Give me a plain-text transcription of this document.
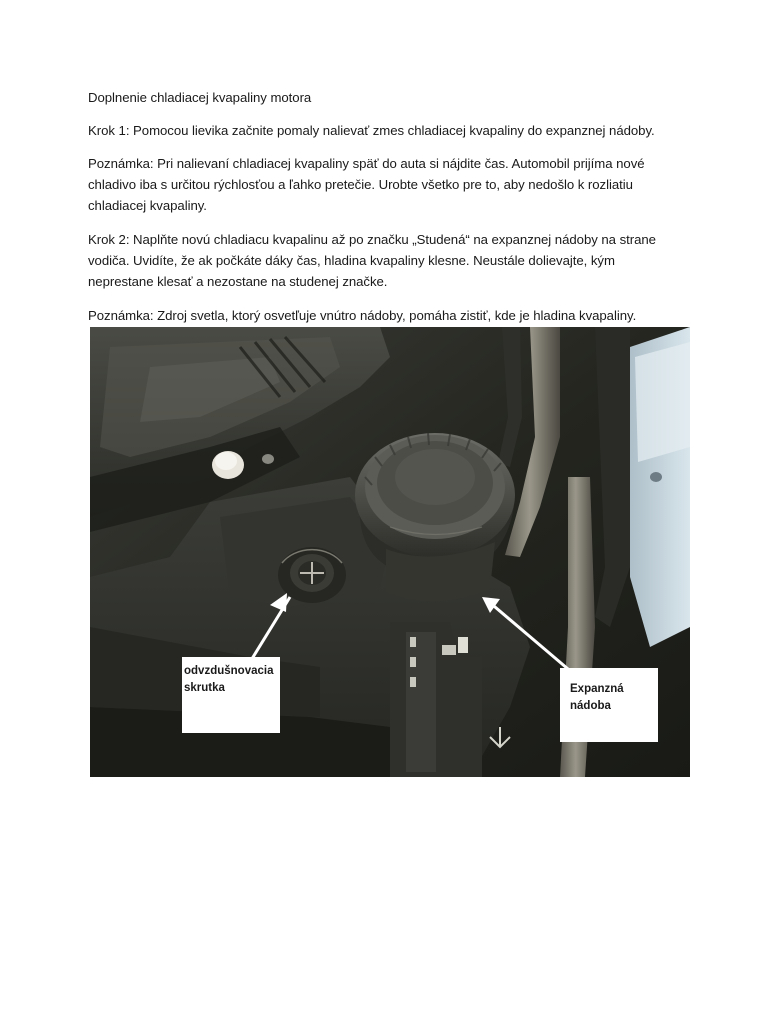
Doplnenie chladiacej kvapaliny motora
Krok 1: Pomocou lievika začnite pomaly nalievať zmes chladiacej kvapaliny do expanznej nádoby.
Poznámka: Pri nalievaní chladiacej kvapaliny späť do auta si nájdite čas. Automobil prijíma nové
chladivo iba s určitou rýchlosťou a ľahko pretečie. Urobte všetko pre to, aby nedošlo k rozliatiu
chladiacej kvapaliny.
Krok 2: Naplňte novú chladiacu kvapalinu až po značku „Studená“ na expanznej nádoby na strane
vodiča. Uvidíte, že ak počkáte dáky čas, hladina kvapaliny klesne. Neustále dolievajte, kým
neprestane klesať a nezostane na studenej značke.
Poznámka: Zdroj svetla, ktorý osvetľuje vnútro nádoby, pomáha zistiť, kde je hladina kvapaliny.
odvzdušnovacia
skrutka	Expanzná
nádoba
